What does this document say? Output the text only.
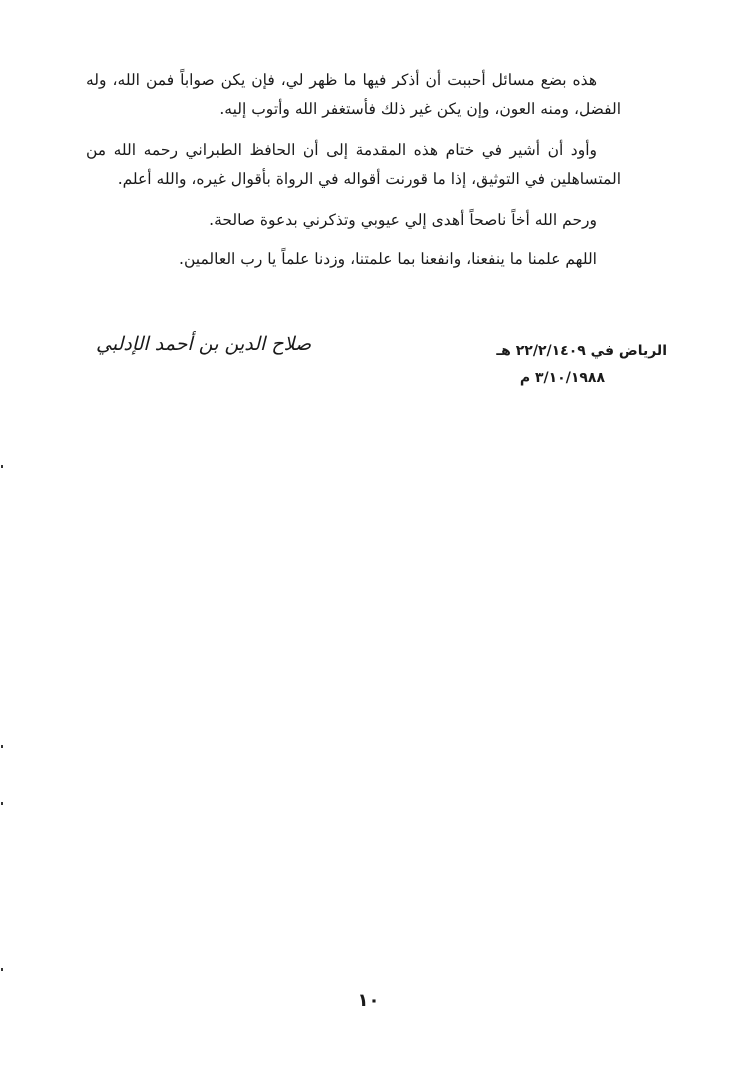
هذه بضع مسائل أحببت أن أذكر فيها ما ظهر لي، فإن يكن صواباً فمن الله، وله الفضل، ومنه العون، وإن يكن غير ذلك فأستغفر الله وأتوب إليه.

وأود أن أشير في ختام هذه المقدمة إلى أن الحافظ الطبراني رحمه الله من المتساهلين في التوثيق، إذا ما قورنت أقواله في الرواة بأقوال غيره، والله أعلم.

ورحم الله أخاً ناصحاً أهدى إلي عيوبي وتذكرني بدعوة صالحة.

اللهم علمنا ما ينفعنا، وانفعنا بما علمتنا، وزدنا علماً يا رب العالمين.

صلاح الدين بن أحمد الإدلبي	الرياض في ٢٢/٢/١٤٠٩ هـ
٣/١٠/١٩٨٨ م
١٠
